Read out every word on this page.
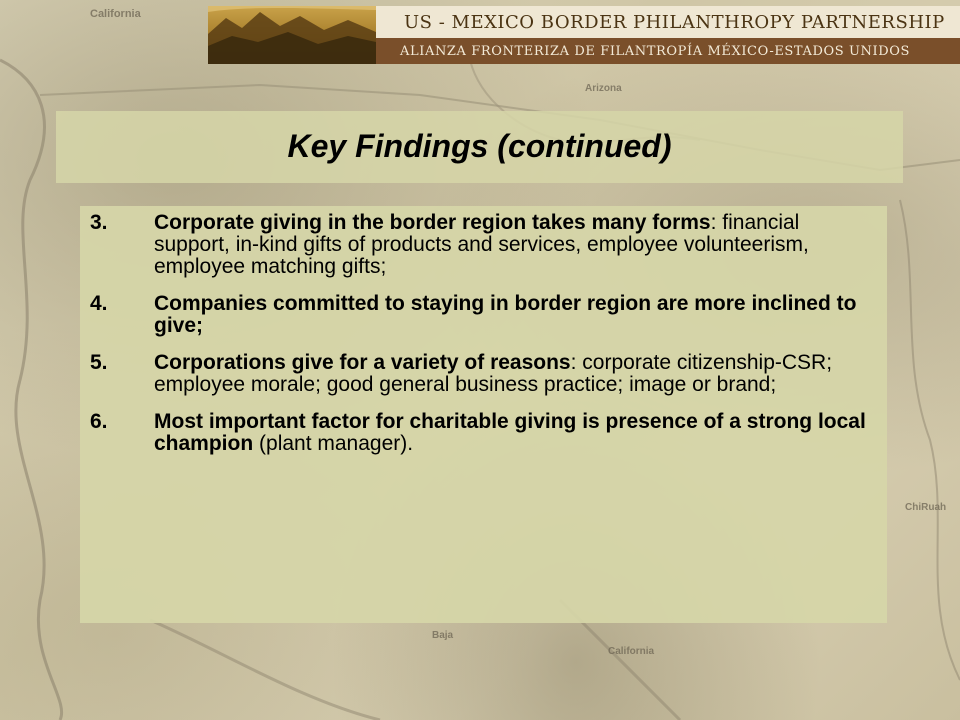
California
Arizona
ChiRuah
Baja
California
US - MEXICO BORDER PHILANTHROPY PARTNERSHIP
ALIANZA FRONTERIZA DE FILANTROPÍA MÉXICO-ESTADOS UNIDOS
Key Findings (continued)
3.	Corporate giving in the border region takes many forms: financial support, in-kind gifts of products and services, employee volunteerism, employee matching gifts;
4.	Companies committed to staying in border region are more inclined to give;
5.	Corporations give for a variety of reasons: corporate citizenship-CSR; employee morale; good general business practice; image or brand;
6.	Most important factor for charitable giving is presence of a strong local champion (plant manager).
